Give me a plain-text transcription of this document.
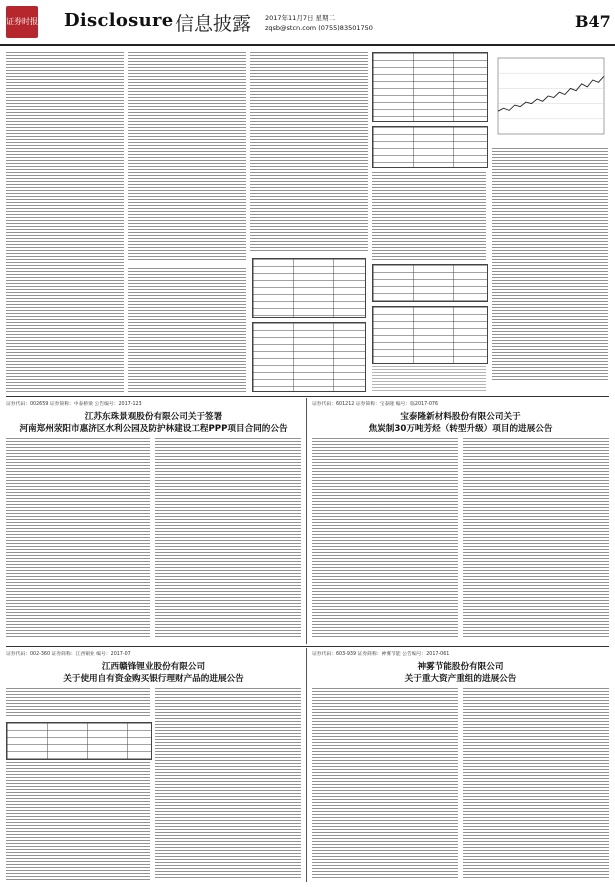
证券时报 Disclosure 信息披露 2017年11月7日 星期二
zqsb@stcn.com (0755)83501750	B47
证券代码：002659 证券简称：中泰桥梁 公告编号：2017-123
江苏东珠景观股份有限公司关于签署
河南郑州荥阳市惠济区水利公园及防护林建设工程PPP项目合同的公告
证券代码：601212 证券简称：宝泰隆 编号：临2017-076
宝泰隆新材料股份有限公司关于
焦炭制30万吨芳烃（转型升级）项目的进展公告
证券代码：002-360 证券简称：江西铜业 编号：2017-07
江西赣锋锂业股份有限公司
关于使用自有资金购买银行理财产品的进展公告
证券代码：603-939 证券简称：神雾节能 公告编号：2017-061
神雾节能股份有限公司
关于重大资产重组的进展公告
